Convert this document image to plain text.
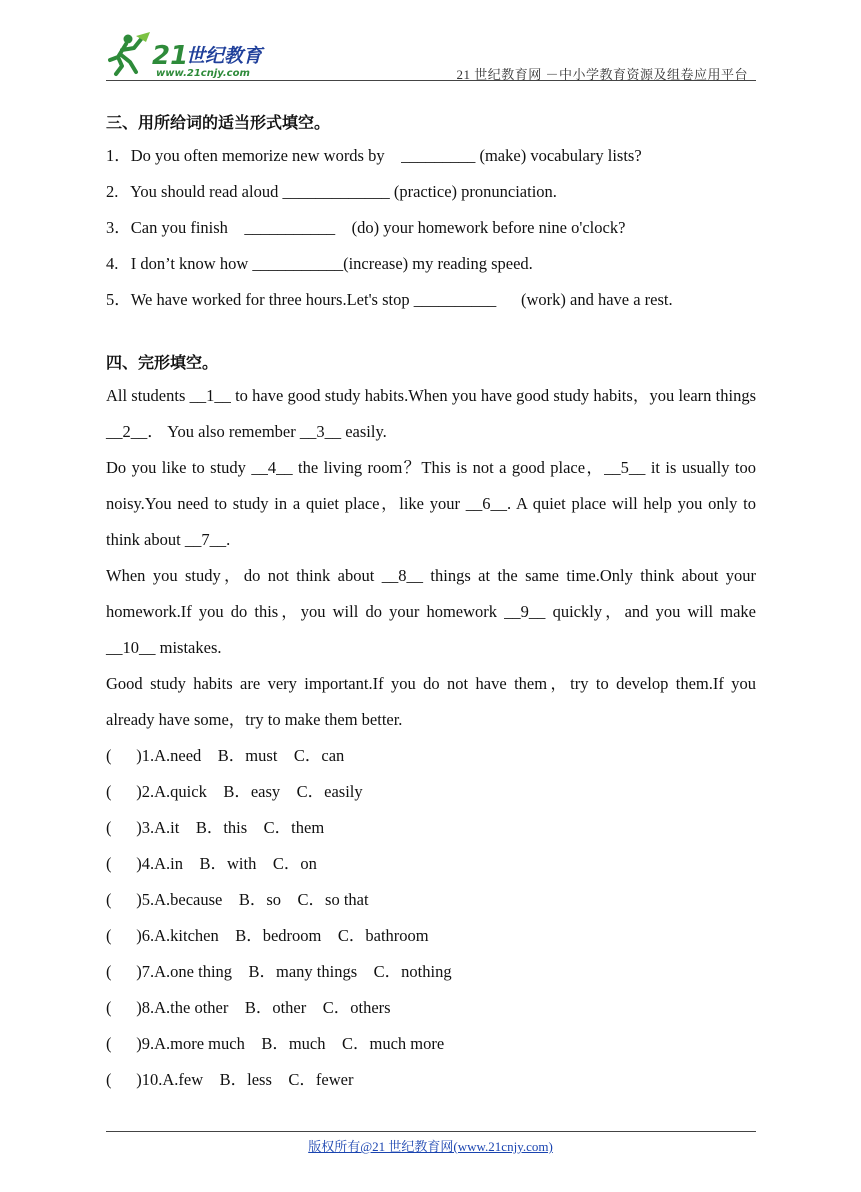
21
世纪教育
www.21cnjy.com	21 世纪教育网 －中小学教育资源及组卷应用平台
三、用所给词的适当形式填空。
1．Do you often memorize new words by    _________ (make) vocabulary lists?
2.   You should read aloud _____________ (practice) pronunciation.
3．Can you finish    ___________    (do) your homework before nine o'clock?
4.   I don’t know how ___________(increase) my reading speed.
5．We have worked for three hours.Let's stop __________      (work) and have a rest.
四、完形填空。

All students __1__ to have good study habits.When you have good study habits，you learn things __2__． You also remember __3__ easily.

Do you like to study __4__ the living room？This is not a good place，__5__ it is usually too noisy.You need to study in a quiet place，like your __6__. A quiet place will help you only to think about __7__.

When you study，do not think about __8__ things at the same time.Only think about your homework.If you do this，you will do your homework __9__ quickly，and you will make __10__ mistakes.

Good study habits are very important.If you do not have them，try to develop them.If you already have some，try to make them better.

(      )1.A.need    B．must    C．can
(      )2.A.quick    B．easy    C．easily
(      )3.A.it    B．this    C．them
(      )4.A.in    B．with    C．on
(      )5.A.because    B．so    C．so that
(      )6.A.kitchen    B．bedroom    C．bathroom
(      )7.A.one thing    B．many things    C．nothing
(      )8.A.the other    B．other    C．others
(      )9.A.more much    B．much    C．much more
(      )10.A.few    B．less    C．fewer
版权所有@21 世纪教育网(www.21cnjy.com)
